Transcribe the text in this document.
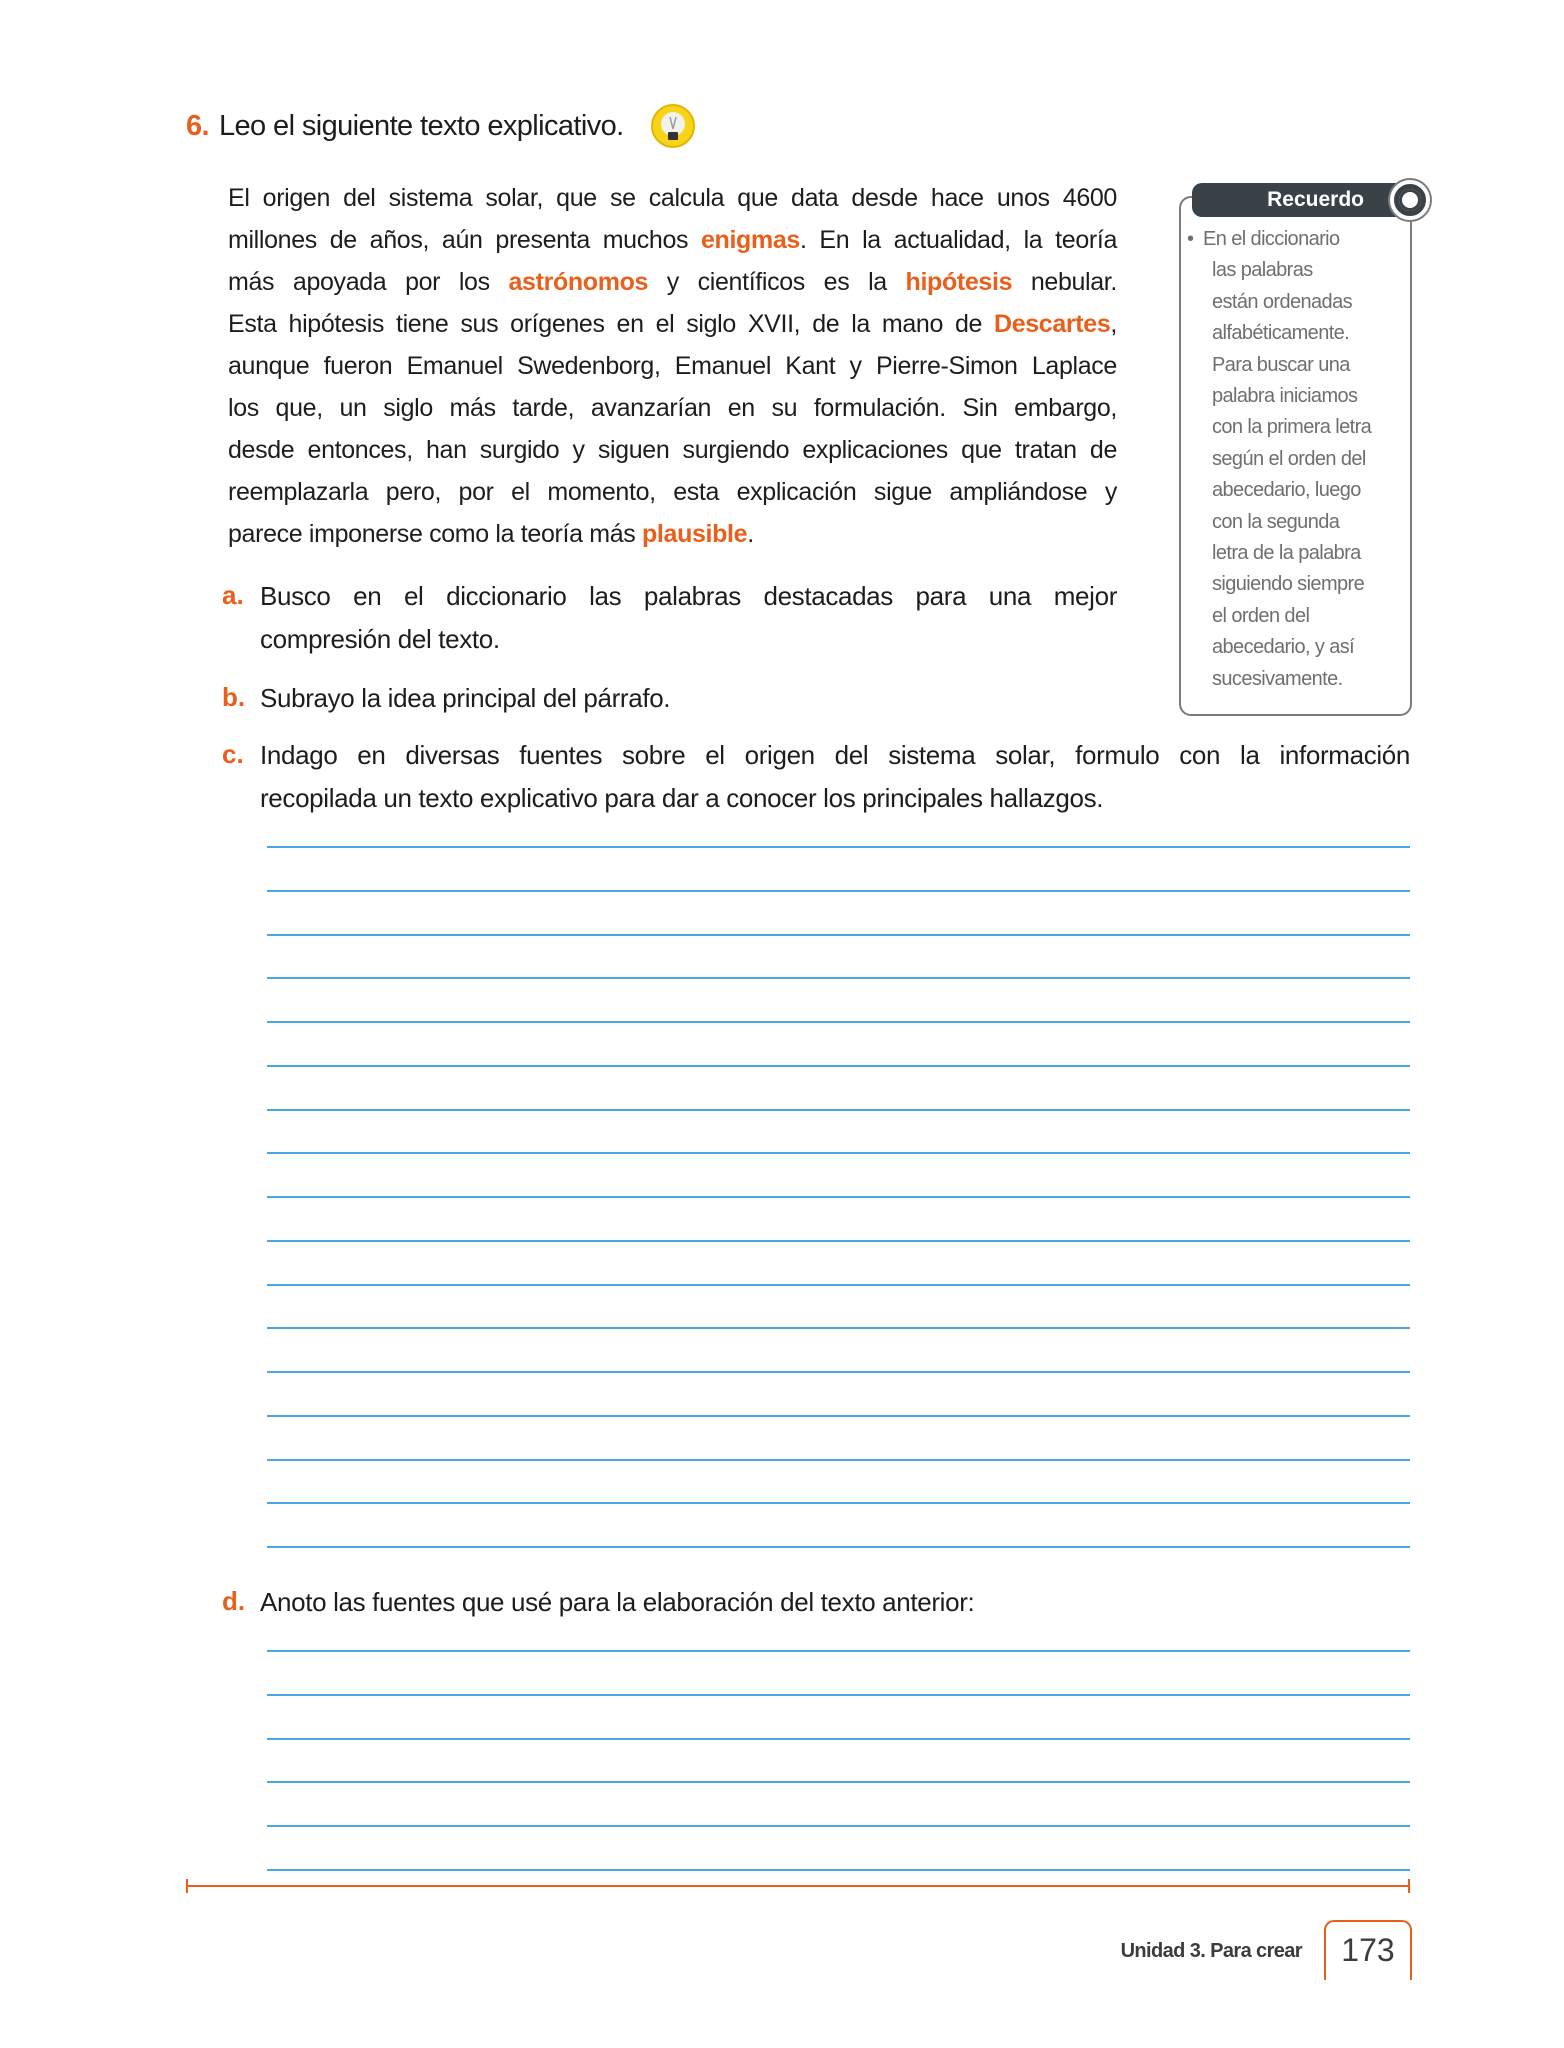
6. Leo el siguiente texto explicativo.
El origen del sistema solar, que se calcula que data desde hace unos 4600
millones de años, aún presenta muchos enigmas. En la actualidad, la teoría
más apoyada por los astrónomos y científicos es la hipótesis nebular.
Esta hipótesis tiene sus orígenes en el siglo XVII, de la mano de Descartes,
aunque fueron Emanuel Swedenborg, Emanuel Kant y Pierre-Simon Laplace
los que, un siglo más tarde, avanzarían en su formulación. Sin embargo,
desde entonces, han surgido y siguen surgiendo explicaciones que tratan de
reemplazarla pero, por el momento, esta explicación sigue ampliándose y
parece imponerse como la teoría más plausible.
Recuerdo
• En el diccionario
las palabras
están ordenadas
alfabéticamente.
Para buscar una
palabra iniciamos
con la primera letra
según el orden del
abecedario, luego
con la segunda
letra de la palabra
siguiendo siempre
el orden del
abecedario, y así
sucesivamente.
a. Busco en el diccionario las palabras destacadas para una mejor
compresión del texto.
b. Subrayo la idea principal del párrafo.
c. Indago en diversas fuentes sobre el origen del sistema solar, formulo con la información
recopilada un texto explicativo para dar a conocer los principales hallazgos.
d. Anoto las fuentes que usé para la elaboración del texto anterior:
Unidad 3. Para crear	173
